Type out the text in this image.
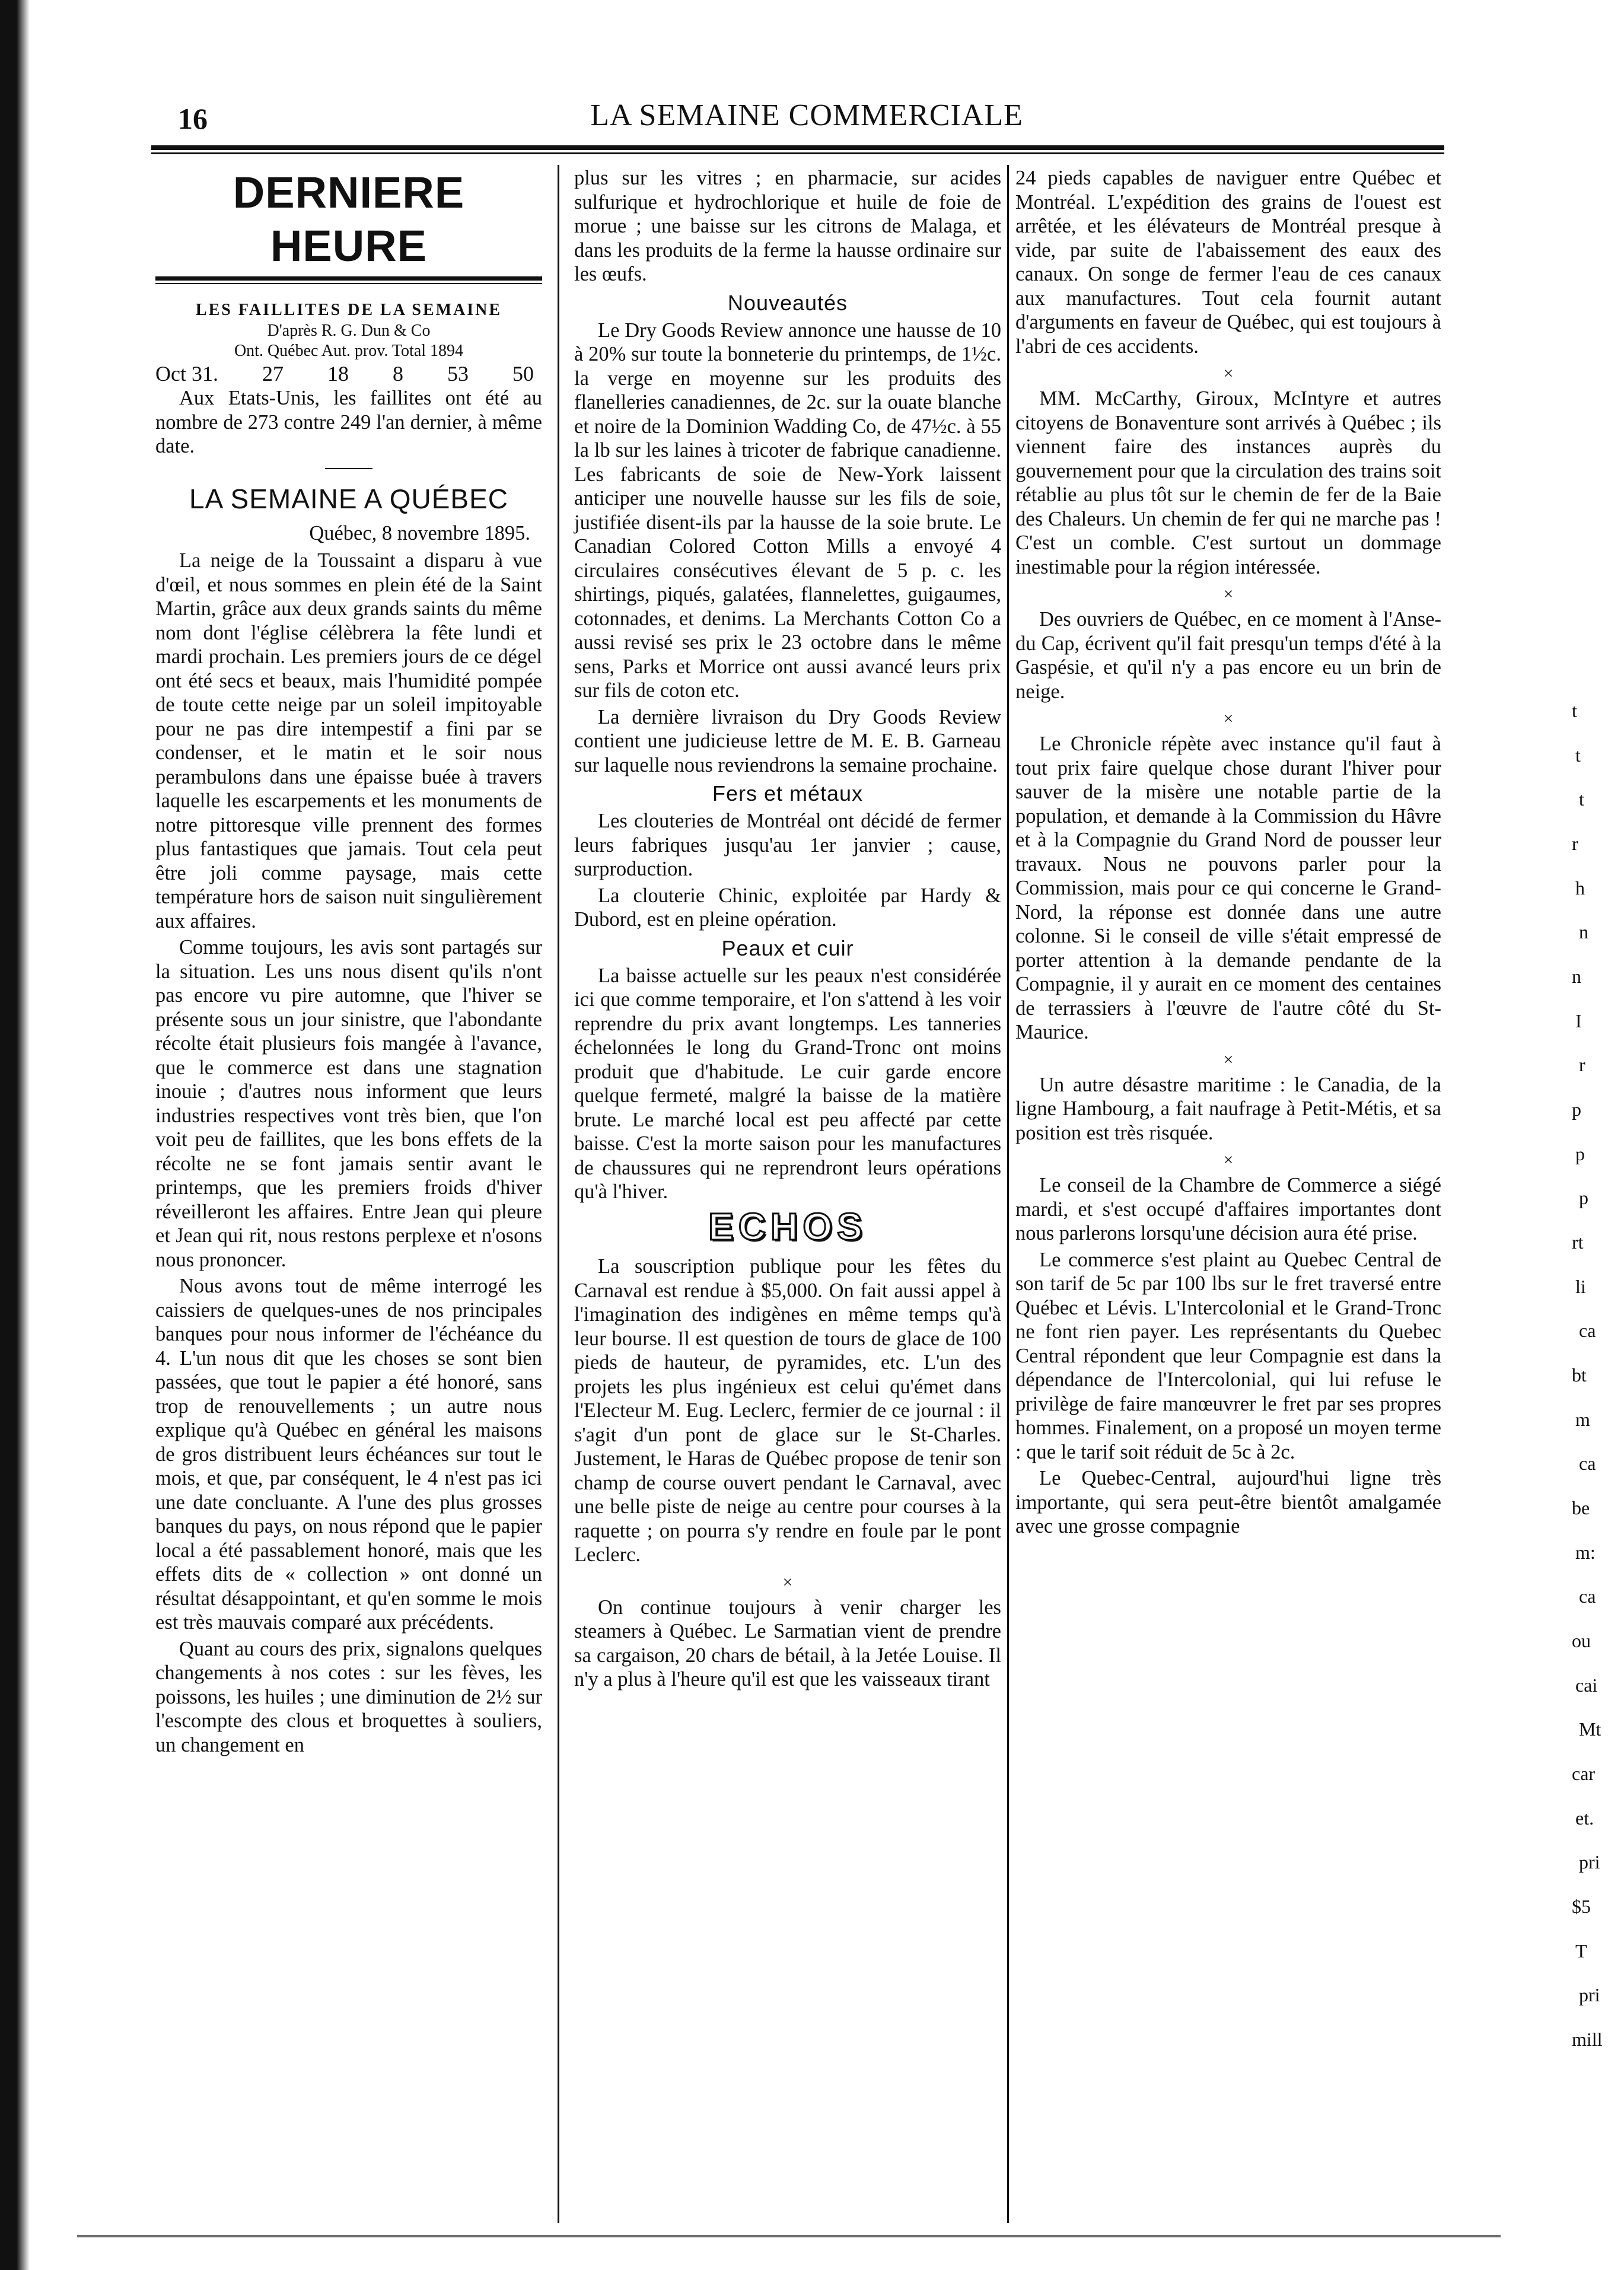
16	LA SEMAINE COMMERCIALE
DERNIERE HEURE
LES FAILLITES DE LA SEMAINE
D'après R. G. Dun & Co
Ont. Québec Aut. prov. Total 1894
Oct 31. 27 18 8 53 50

Aux Etats-Unis, les faillites ont été au nombre de 273 contre 249 l'an dernier, à même date.

LA SEMAINE A QUÉBEC
Québec, 8 novembre 1895.

La neige de la Toussaint a disparu à vue d'œil, et nous sommes en plein été de la Saint Martin, grâce aux deux grands saints du même nom dont l'église célèbrera la fête lundi et mardi prochain. Les premiers jours de ce dégel ont été secs et beaux, mais l'humidité pompée de toute cette neige par un soleil impitoyable pour ne pas dire intempestif a fini par se condenser, et le matin et le soir nous perambulons dans une épaisse buée à travers laquelle les escarpements et les monuments de notre pittoresque ville prennent des formes plus fantastiques que jamais. Tout cela peut être joli comme paysage, mais cette température hors de saison nuit singulièrement aux affaires.

Comme toujours, les avis sont partagés sur la situation. Les uns nous disent qu'ils n'ont pas encore vu pire automne, que l'hiver se présente sous un jour sinistre, que l'abondante récolte était plusieurs fois mangée à l'avance, que le commerce est dans une stagnation inouie ; d'autres nous informent que leurs industries respectives vont très bien, que l'on voit peu de faillites, que les bons effets de la récolte ne se font jamais sentir avant le printemps, que les premiers froids d'hiver réveilleront les affaires. Entre Jean qui pleure et Jean qui rit, nous restons perplexe et n'osons nous prononcer.

Nous avons tout de même interrogé les caissiers de quelques-unes de nos principales banques pour nous informer de l'échéance du 4. L'un nous dit que les choses se sont bien passées, que tout le papier a été honoré, sans trop de renouvellements ; un autre nous explique qu'à Québec en général les maisons de gros distribuent leurs échéances sur tout le mois, et que, par conséquent, le 4 n'est pas ici une date concluante. A l'une des plus grosses banques du pays, on nous répond que le papier local a été passablement honoré, mais que les effets dits de « collection » ont donné un résultat désappointant, et qu'en somme le mois est très mauvais comparé aux précédents.

Quant au cours des prix, signalons quelques changements à nos cotes : sur les fèves, les poissons, les huiles ; une diminution de 2½ sur l'escompte des clous et broquettes à souliers, un changement en

plus sur les vitres ; en pharmacie, sur acides sulfurique et hydrochlorique et huile de foie de morue ; une baisse sur les citrons de Malaga, et dans les produits de la ferme la hausse ordinaire sur les œufs.

Nouveautés

Le Dry Goods Review annonce une hausse de 10 à 20% sur toute la bonneterie du printemps, de 1½c. la verge en moyenne sur les produits des flanelleries canadiennes, de 2c. sur la ouate blanche et noire de la Dominion Wadding Co, de 47½c. à 55 la lb sur les laines à tricoter de fabrique canadienne. Les fabricants de soie de New-York laissent anticiper une nouvelle hausse sur les fils de soie, justifiée disent-ils par la hausse de la soie brute. Le Canadian Colored Cotton Mills a envoyé 4 circulaires consécutives élevant de 5 p. c. les shirtings, piqués, galatées, flannelettes, guigaumes, cotonnades, et denims. La Merchants Cotton Co a aussi revisé ses prix le 23 octobre dans le même sens, Parks et Morrice ont aussi avancé leurs prix sur fils de coton etc.

La dernière livraison du Dry Goods Review contient une judicieuse lettre de M. E. B. Garneau sur laquelle nous reviendrons la semaine prochaine.

Fers et métaux

Les clouteries de Montréal ont décidé de fermer leurs fabriques jusqu'au 1er janvier ; cause, surproduction.

La clouterie Chinic, exploitée par Hardy & Dubord, est en pleine opération.

Peaux et cuir

La baisse actuelle sur les peaux n'est considérée ici que comme temporaire, et l'on s'attend à les voir reprendre du prix avant longtemps. Les tanneries échelonnées le long du Grand-Tronc ont moins produit que d'habitude. Le cuir garde encore quelque fermeté, malgré la baisse de la matière brute. Le marché local est peu affecté par cette baisse. C'est la morte saison pour les manufactures de chaussures qui ne reprendront leurs opérations qu'à l'hiver.

ECHOS

La souscription publique pour les fêtes du Carnaval est rendue à $5,000. On fait aussi appel à l'imagination des indigènes en même temps qu'à leur bourse. Il est question de tours de glace de 100 pieds de hauteur, de pyramides, etc. L'un des projets les plus ingénieux est celui qu'émet dans l'Electeur M. Eug. Leclerc, fermier de ce journal : il s'agit d'un pont de glace sur le St-Charles. Justement, le Haras de Québec propose de tenir son champ de course ouvert pendant le Carnaval, avec une belle piste de neige au centre pour courses à la raquette ; on pourra s'y rendre en foule par le pont Leclerc.

×

On continue toujours à venir charger les steamers à Québec. Le Sarmatian vient de prendre sa cargaison, 20 chars de bétail, à la Jetée Louise. Il n'y a plus à l'heure qu'il est que les vaisseaux tirant

24 pieds capables de naviguer entre Québec et Montréal. L'expédition des grains de l'ouest est arrêtée, et les élévateurs de Montréal presque à vide, par suite de l'abaissement des eaux des canaux. On songe de fermer l'eau de ces canaux aux manufactures. Tout cela fournit autant d'arguments en faveur de Québec, qui est toujours à l'abri de ces accidents.

×

MM. McCarthy, Giroux, McIntyre et autres citoyens de Bonaventure sont arrivés à Québec ; ils viennent faire des instances auprès du gouvernement pour que la circulation des trains soit rétablie au plus tôt sur le chemin de fer de la Baie des Chaleurs. Un chemin de fer qui ne marche pas ! C'est un comble. C'est surtout un dommage inestimable pour la région intéressée.

×

Des ouvriers de Québec, en ce moment à l'Anse-du Cap, écrivent qu'il fait presqu'un temps d'été à la Gaspésie, et qu'il n'y a pas encore eu un brin de neige.

×

Le Chronicle répète avec instance qu'il faut à tout prix faire quelque chose durant l'hiver pour sauver de la misère une notable partie de la population, et demande à la Commission du Hâvre et à la Compagnie du Grand Nord de pousser leur travaux. Nous ne pouvons parler pour la Commission, mais pour ce qui concerne le Grand-Nord, la réponse est donnée dans une autre colonne. Si le conseil de ville s'était empressé de porter attention à la demande pendante de la Compagnie, il y aurait en ce moment des centaines de terrassiers à l'œuvre de l'autre côté du St-Maurice.

×

Un autre désastre maritime : le Canadia, de la ligne Hambourg, a fait naufrage à Petit-Métis, et sa position est très risquée.

×

Le conseil de la Chambre de Commerce a siégé mardi, et s'est occupé d'affaires importantes dont nous parlerons lorsqu'une décision aura été prise.

Le commerce s'est plaint au Quebec Central de son tarif de 5c par 100 lbs sur le fret traversé entre Québec et Lévis. L'Intercolonial et le Grand-Tronc ne font rien payer. Les représentants du Quebec Central répondent que leur Compagnie est dans la dépendance de l'Intercolonial, qui lui refuse le privilège de faire manœuvrer le fret par ses propres hommes. Finalement, on a proposé un moyen terme : que le tarif soit réduit de 5c à 2c.

Le Quebec-Central, aujourd'hui ligne très importante, qui sera peut-être bientôt amalgamée avec une grosse compagnie

t
t
t
r
h
n
n
I
r
p
p
p
rt
li
ca
bt
m
ca
be
m:
ca
ou
cai
Mt
car
et.
pri
$5
T
pri
mill
